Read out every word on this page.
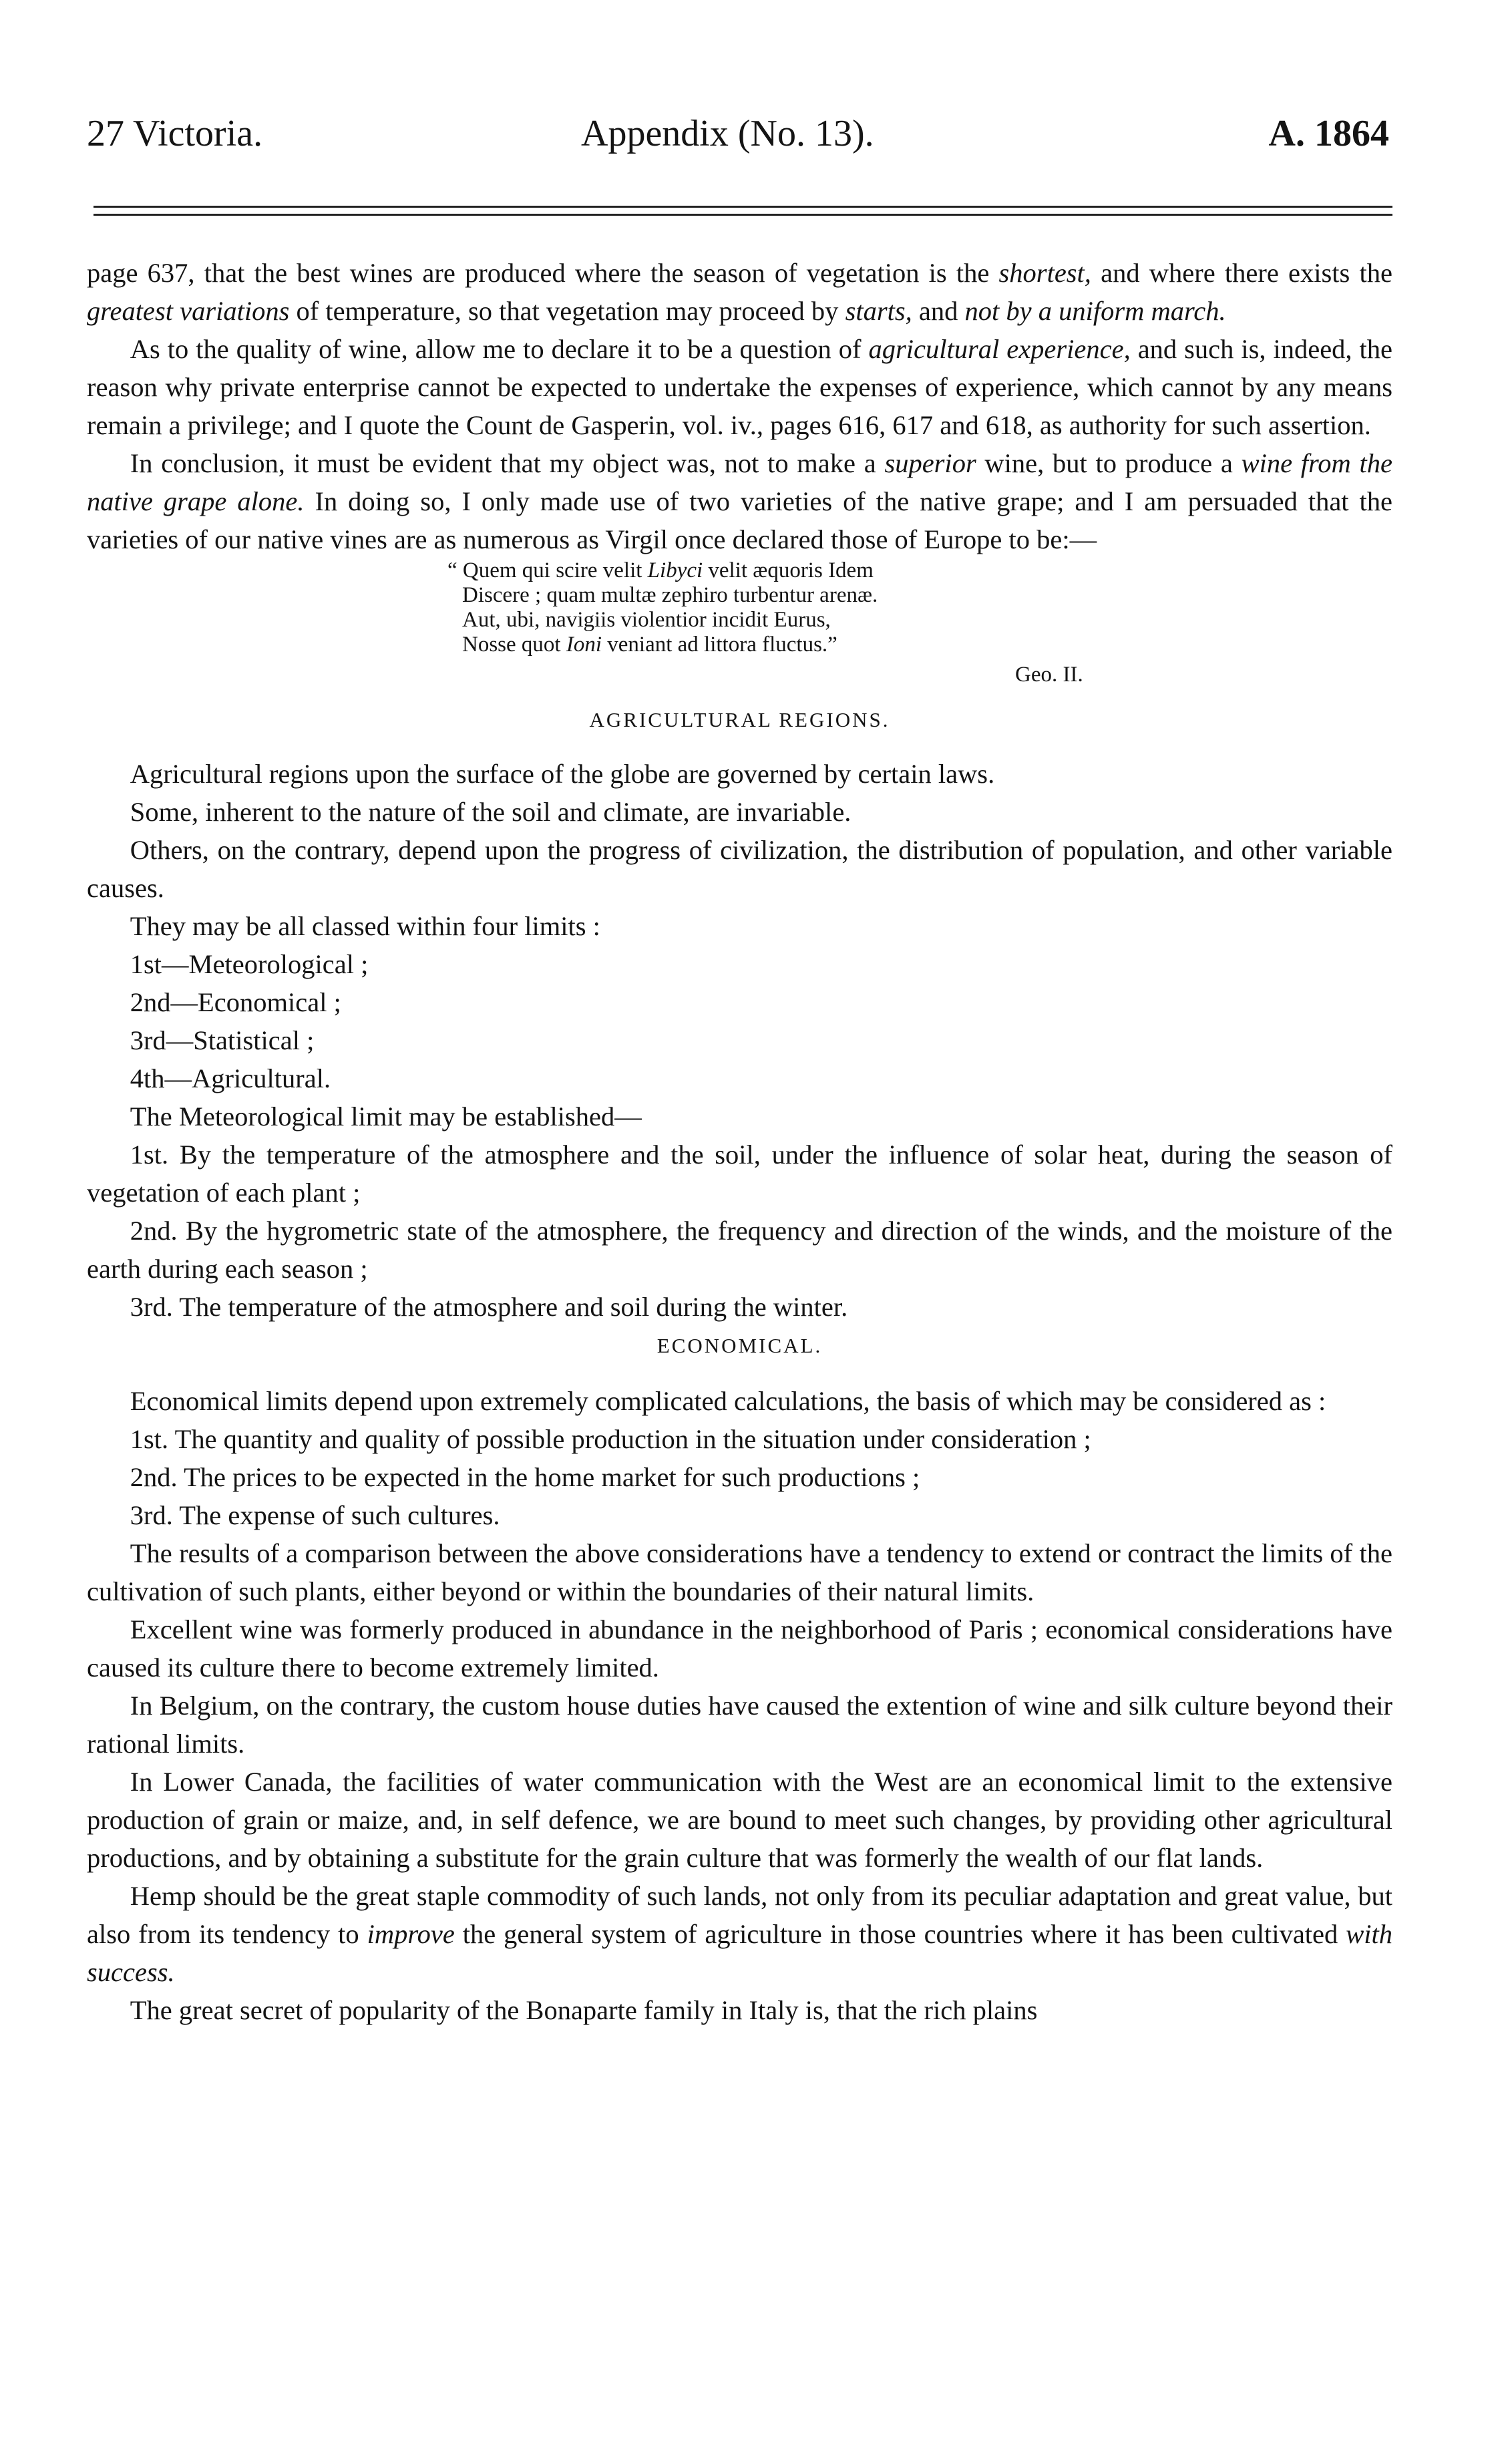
27 Victoria.	Appendix (No. 13).	A. 1864

page 637, that the best wines are produced where the season of vegetation is the shortest, and where there exists the greatest variations of temperature, so that vegetation may proceed by starts, and not by a uniform march.

As to the quality of wine, allow me to declare it to be a question of agricultural experience, and such is, indeed, the reason why private enterprise cannot be expected to undertake the expenses of experience, which cannot by any means remain a privilege; and I quote the Count de Gasperin, vol. iv., pages 616, 617 and 618, as authority for such assertion.

In conclusion, it must be evident that my object was, not to make a superior wine, but to produce a wine from the native grape alone. In doing so, I only made use of two varieties of the native grape; and I am persuaded that the varieties of our native vines are as numerous as Virgil once declared those of Europe to be:—

“ Quem qui scire velit Libyci velit æquoris Idem
Discere ; quam multæ zephiro turbentur arenæ.
Aut, ubi, navigiis violentior incidit Eurus,
Nosse quot Ioni veniant ad littora fluctus.”
Geo. II.
AGRICULTURAL REGIONS.

Agricultural regions upon the surface of the globe are governed by certain laws.

Some, inherent to the nature of the soil and climate, are invariable.

Others, on the contrary, depend upon the progress of civilization, the distribution of population, and other variable causes.

They may be all classed within four limits :

1st—Meteorological ;

2nd—Economical ;

3rd—Statistical ;

4th—Agricultural.

The Meteorological limit may be established—

1st. By the temperature of the atmosphere and the soil, under the influence of solar heat, during the season of vegetation of each plant ;

2nd. By the hygrometric state of the atmosphere, the frequency and direction of the winds, and the moisture of the earth during each season ;

3rd. The temperature of the atmosphere and soil during the winter.

ECONOMICAL.

Economical limits depend upon extremely complicated calculations, the basis of which may be considered as :

1st. The quantity and quality of possible production in the situation under consideration ;

2nd. The prices to be expected in the home market for such productions ;

3rd. The expense of such cultures.

The results of a comparison between the above considerations have a tendency to extend or contract the limits of the cultivation of such plants, either beyond or within the boundaries of their natural limits.

Excellent wine was formerly produced in abundance in the neighborhood of Paris ; economical considerations have caused its culture there to become extremely limited.

In Belgium, on the contrary, the custom house duties have caused the extention of wine and silk culture beyond their rational limits.

In Lower Canada, the facilities of water communication with the West are an economical limit to the extensive production of grain or maize, and, in self defence, we are bound to meet such changes, by providing other agricultural productions, and by obtaining a substitute for the grain culture that was formerly the wealth of our flat lands.

Hemp should be the great staple commodity of such lands, not only from its peculiar adaptation and great value, but also from its tendency to improve the general system of agriculture in those countries where it has been cultivated with success.

The great secret of popularity of the Bonaparte family in Italy is, that the rich plains
